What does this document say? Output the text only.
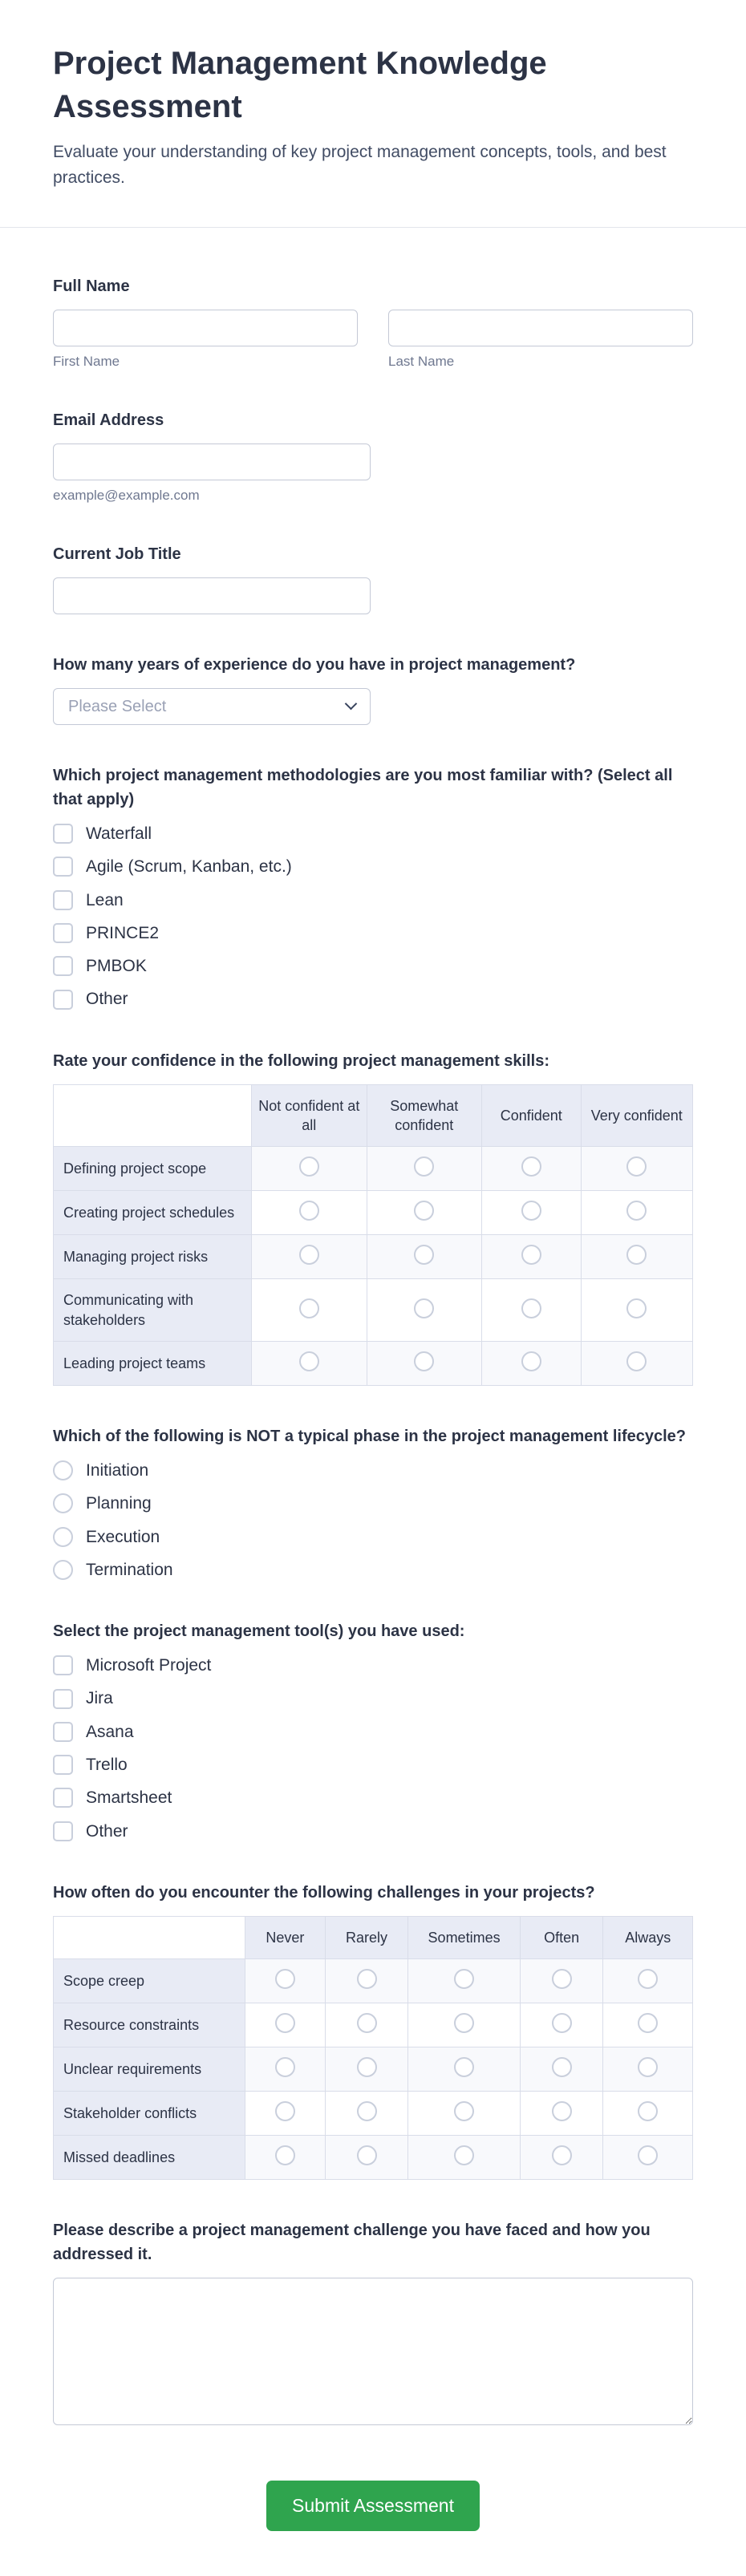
Project Management Knowledge Assessment

Evaluate your understanding of key project management concepts, tools, and best practices.

Full Name
First Name	Last Name
Email Address
example@example.com
Current Job Title
How many years of experience do you have in project management?
Please Select
Which project management methodologies are you most familiar with? (Select all that apply)
Waterfall
Agile (Scrum, Kanban, etc.)
Lean
PRINCE2
PMBOK
Other
Rate your confidence in the following project management skills:
	Not confident at all	Somewhat confident	Confident	Very confident
Defining project scope				
Creating project schedules				
Managing project risks				
Communicating with stakeholders				
Leading project teams				
Which of the following is NOT a typical phase in the project management lifecycle?
Initiation
Planning
Execution
Termination
Select the project management tool(s) you have used:
Microsoft Project
Jira
Asana
Trello
Smartsheet
Other
How often do you encounter the following challenges in your projects?
	Never	Rarely	Sometimes	Often	Always
Scope creep					
Resource constraints					
Unclear requirements					
Stakeholder conflicts					
Missed deadlines					
Please describe a project management challenge you have faced and how you addressed it.
Submit Assessment
